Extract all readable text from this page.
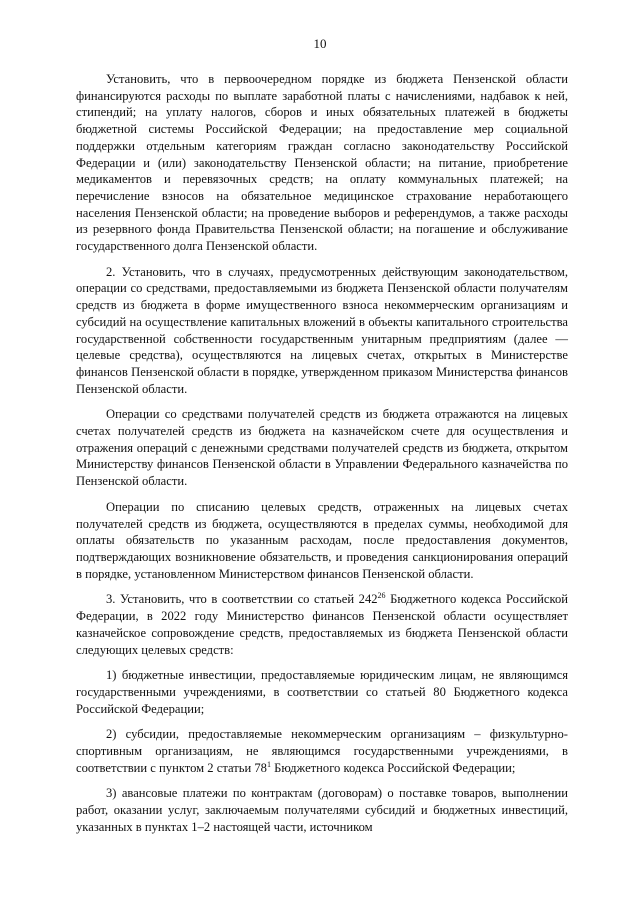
10

Установить, что в первоочередном порядке из бюджета Пензенской области финансируются расходы по выплате заработной платы с начислениями, надбавок к ней, стипендий; на уплату налогов, сборов и иных обязательных платежей в бюджеты бюджетной системы Российской Федерации; на предоставление мер социальной поддержки отдельным категориям граждан согласно законодательству Российской Федерации и (или) законодательству Пензенской области; на питание, приобретение медикаментов и перевязочных средств; на оплату коммунальных платежей; на перечисление взносов на обязательное медицинское страхование неработающего населения Пензенской области; на проведение выборов и референдумов, а также расходы из резервного фонда Правительства Пензенской области; на погашение и обслуживание государственного долга Пензенской области.

2. Установить, что в случаях, предусмотренных действующим законодательством, операции со средствами, предоставляемыми из бюджета Пензенской области получателям средств из бюджета в форме имущественного взноса некоммерческим организациям и субсидий на осуществление капитальных вложений в объекты капитального строительства государственной собственности государственным унитарным предприятиям (далее — целевые средства), осуществляются на лицевых счетах, открытых в Министерстве финансов Пензенской области в порядке, утвержденном приказом Министерства финансов Пензенской области.

Операции со средствами получателей средств из бюджета отражаются на лицевых счетах получателей средств из бюджета на казначейском счете для осуществления и отражения операций с денежными средствами получателей средств из бюджета, открытом Министерству финансов Пензенской области в Управлении Федерального казначейства по Пензенской области.

Операции по списанию целевых средств, отраженных на лицевых счетах получателей средств из бюджета, осуществляются в пределах суммы, необходимой для оплаты обязательств по указанным расходам, после предоставления документов, подтверждающих возникновение обязательств, и проведения санкционирования операций в порядке, установленном Министерством финансов Пензенской области.

3. Установить, что в соответствии со статьей $242^{26}$ Бюджетного кодекса Российской Федерации, в 2022 году Министерство финансов Пензенской области осуществляет казначейское сопровождение средств, предоставляемых из бюджета Пензенской области следующих целевых средств:

1) бюджетные инвестиции, предоставляемые юридическим лицам, не являющимся государственными учреждениями, в соответствии со статьей 80 Бюджетного кодекса Российской Федерации;

2) субсидии, предоставляемые некоммерческим организациям – физкультурно-спортивным организациям, не являющимся государственными учреждениями, в соответствии с пунктом 2 статьи $78^1$ Бюджетного кодекса Российской Федерации;

3) авансовые платежи по контрактам (договорам) о поставке товаров, выполнении работ, оказании услуг, заключаемым получателями субсидий и бюджетных инвестиций, указанных в пунктах 1–2 настоящей части, источником
